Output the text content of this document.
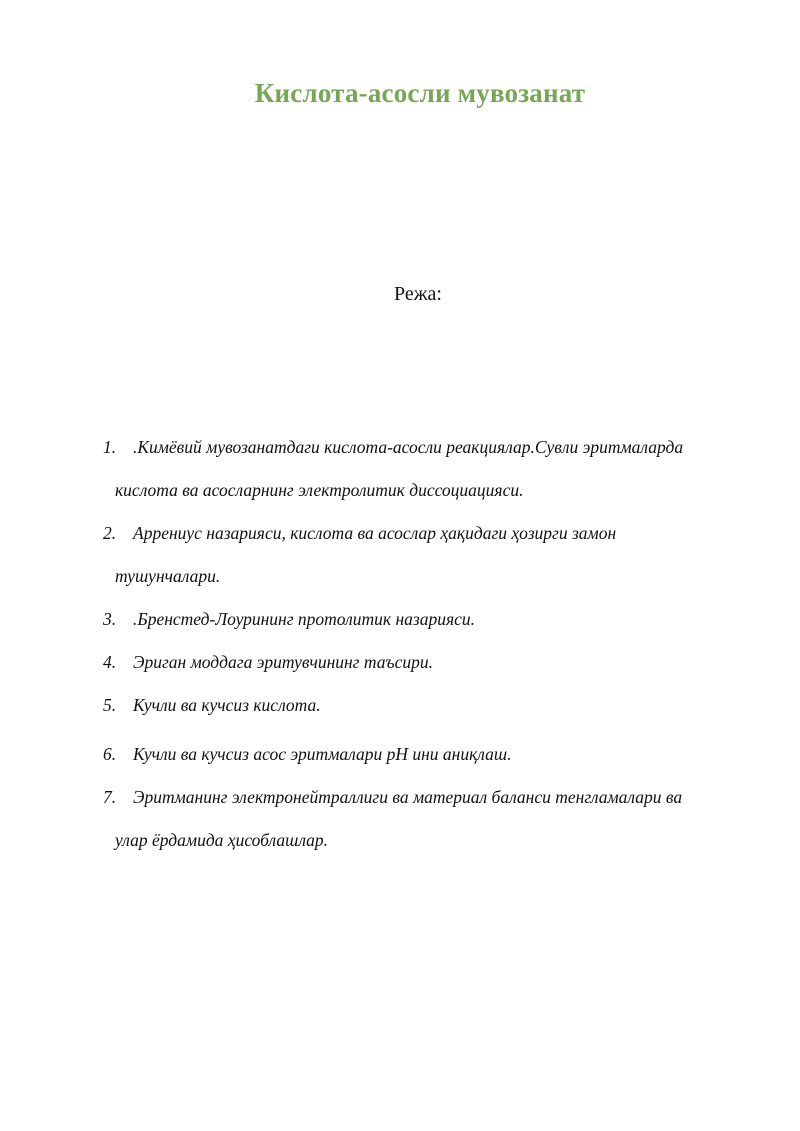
Кислота-асосли мувозанат
Режа:
1. .Кимёвий мувозанатдаги кислота-асосли реакциялар.Сувли эритмаларда
кислота ва асосларнинг электролитик диссоциацияси.
2. Аррениус назарияси, кислота ва асослар ҳақидаги ҳозирги замон
тушунчалари.
3. .Бренстед-Лоурининг протолитик назарияси.
4. Эриган моддага эритувчининг таъсири.
5. Кучли ва кучсиз кислота.
6. Кучли ва кучсиз асос эритмалари pH ини аниқлаш.
7. Эритманинг электронейтраллиги ва материал баланси тенгламалари ва
улар ёрдамида ҳисоблашлар.
